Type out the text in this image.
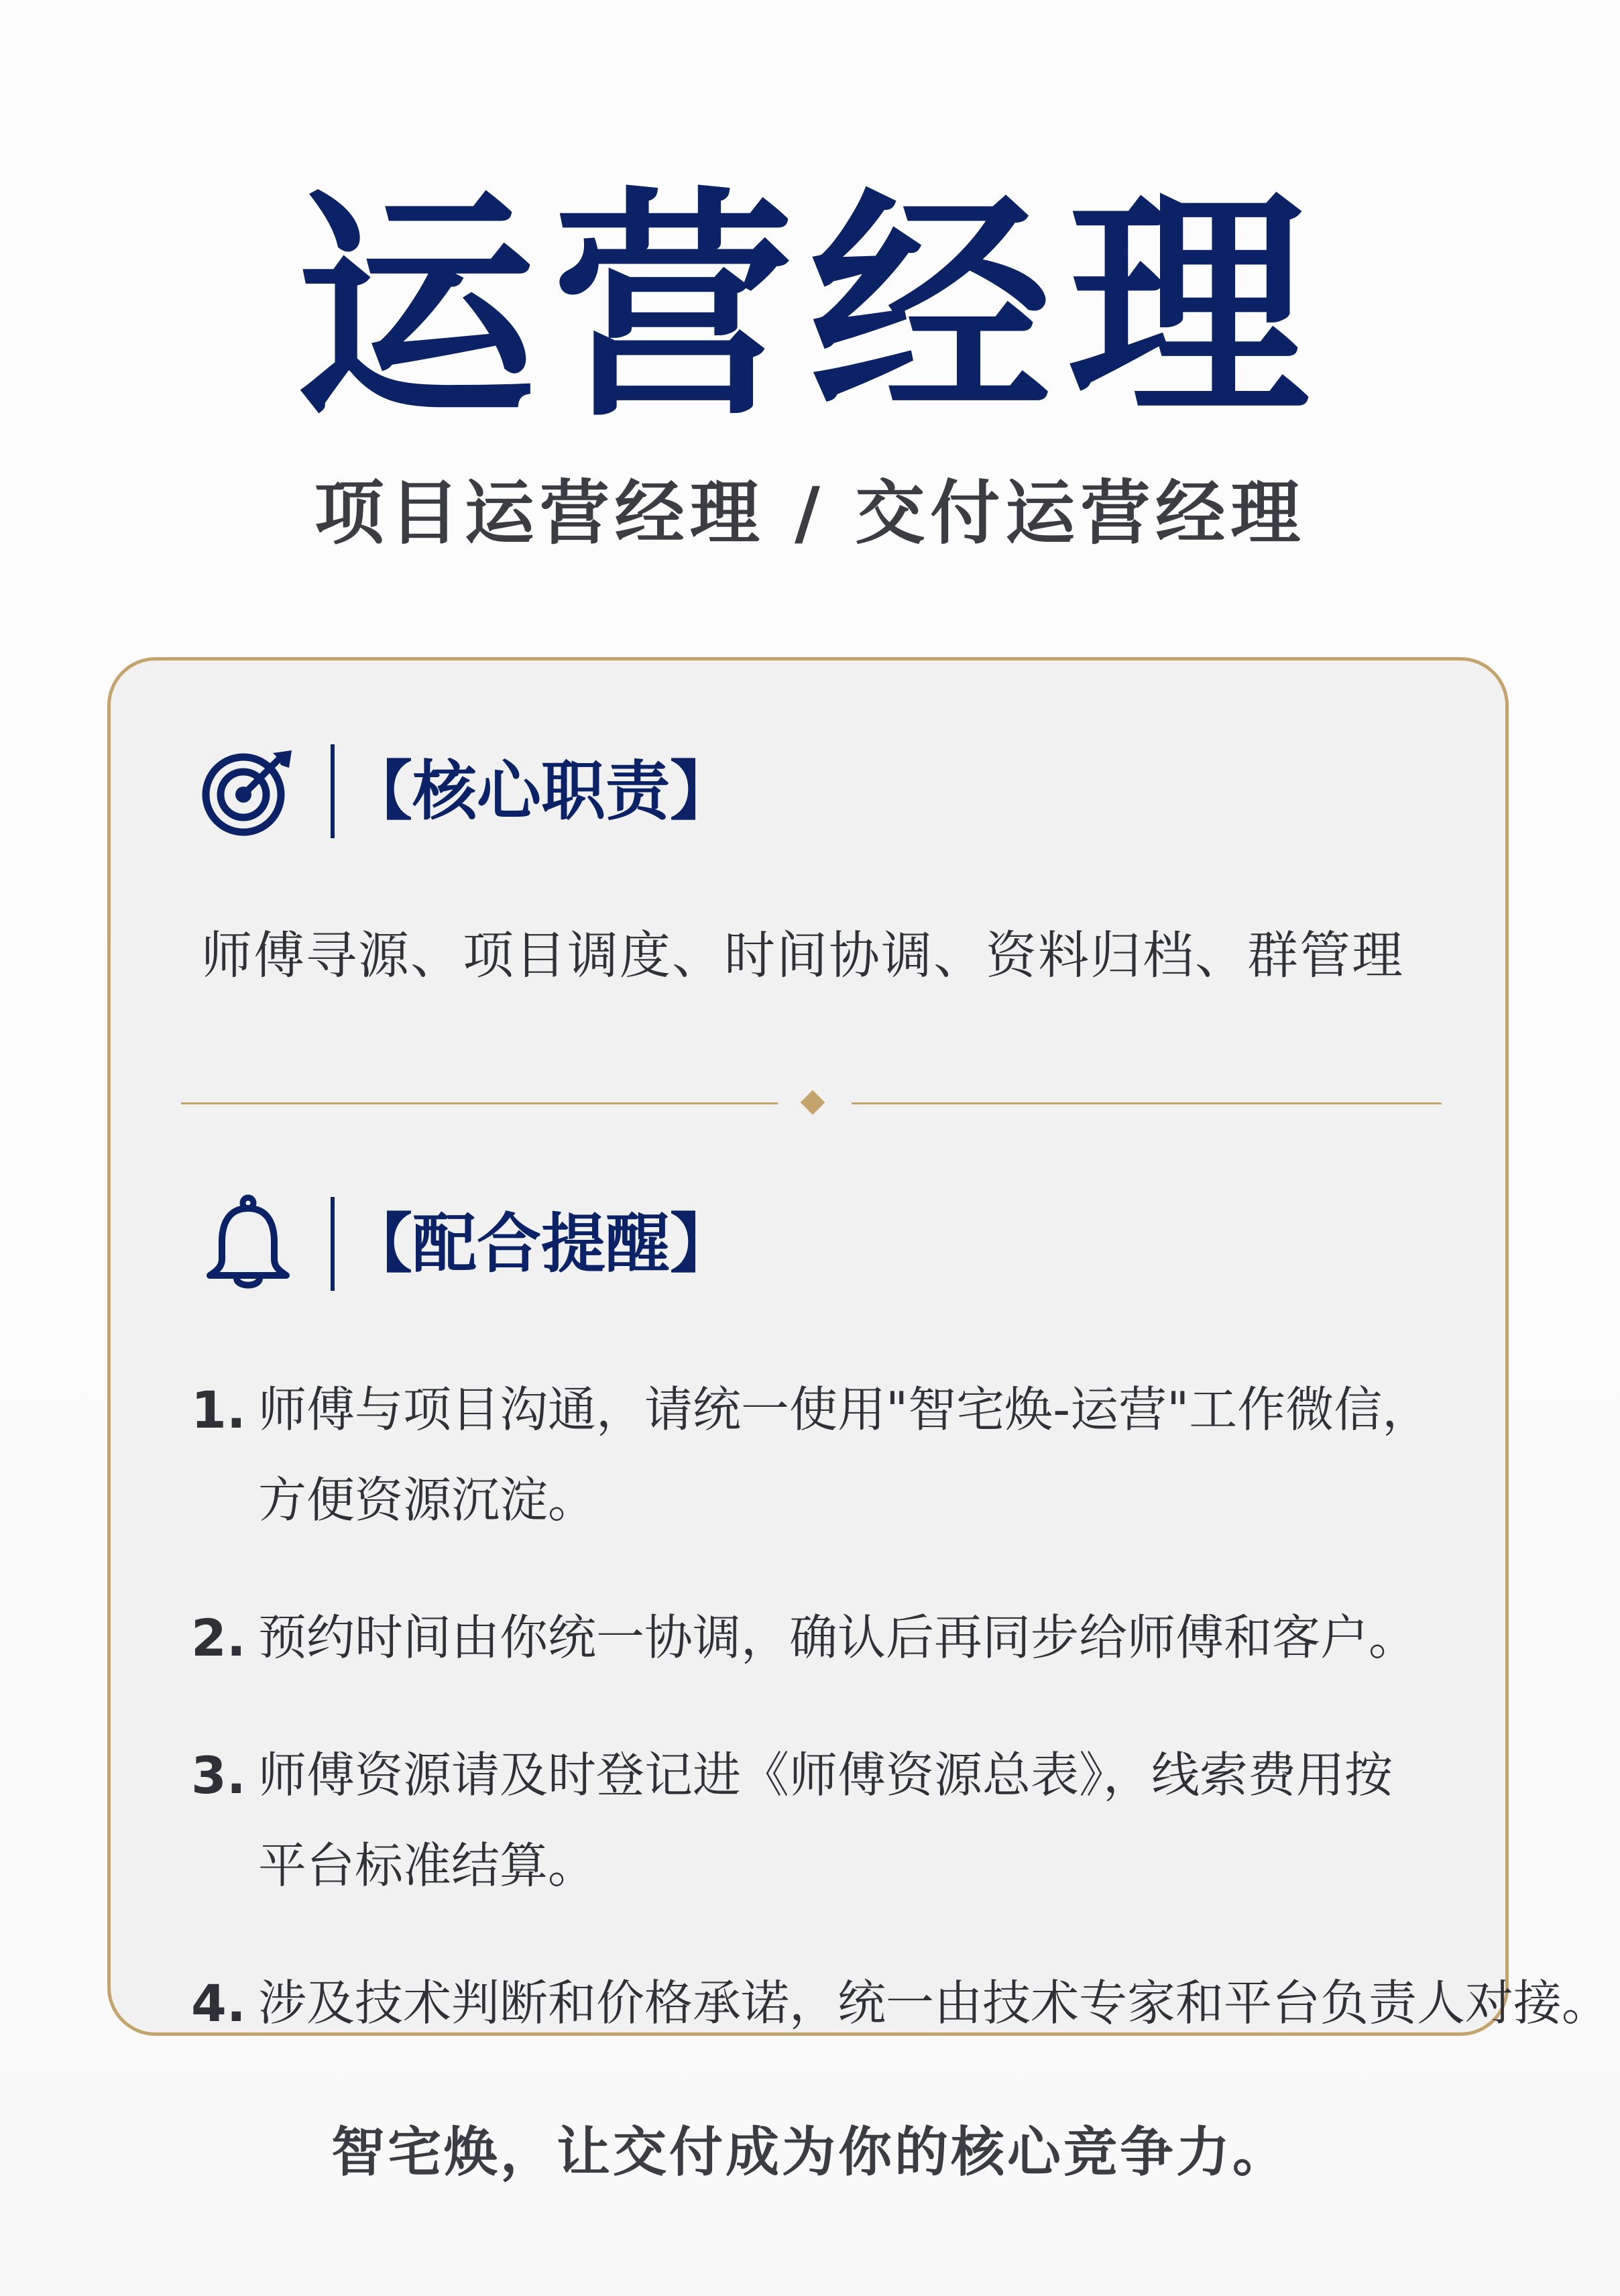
运营经理
项目运营经理 / 交付运营经理
【核心职责】
师傅寻源、项目调度、时间协调、资料归档、群管理
【配合提醒】
1. 师傅与项目沟通，请统一使用"智宅焕-运营"工作微信，
方便资源沉淀。
2. 预约时间由你统一协调，确认后再同步给师傅和客户。
3. 师傅资源请及时登记进《师傅资源总表》，线索费用按
平台标准结算。
4. 涉及技术判断和价格承诺，统一由技术专家和平台负责人对接。
智宅焕，让交付成为你的核心竞争力。
